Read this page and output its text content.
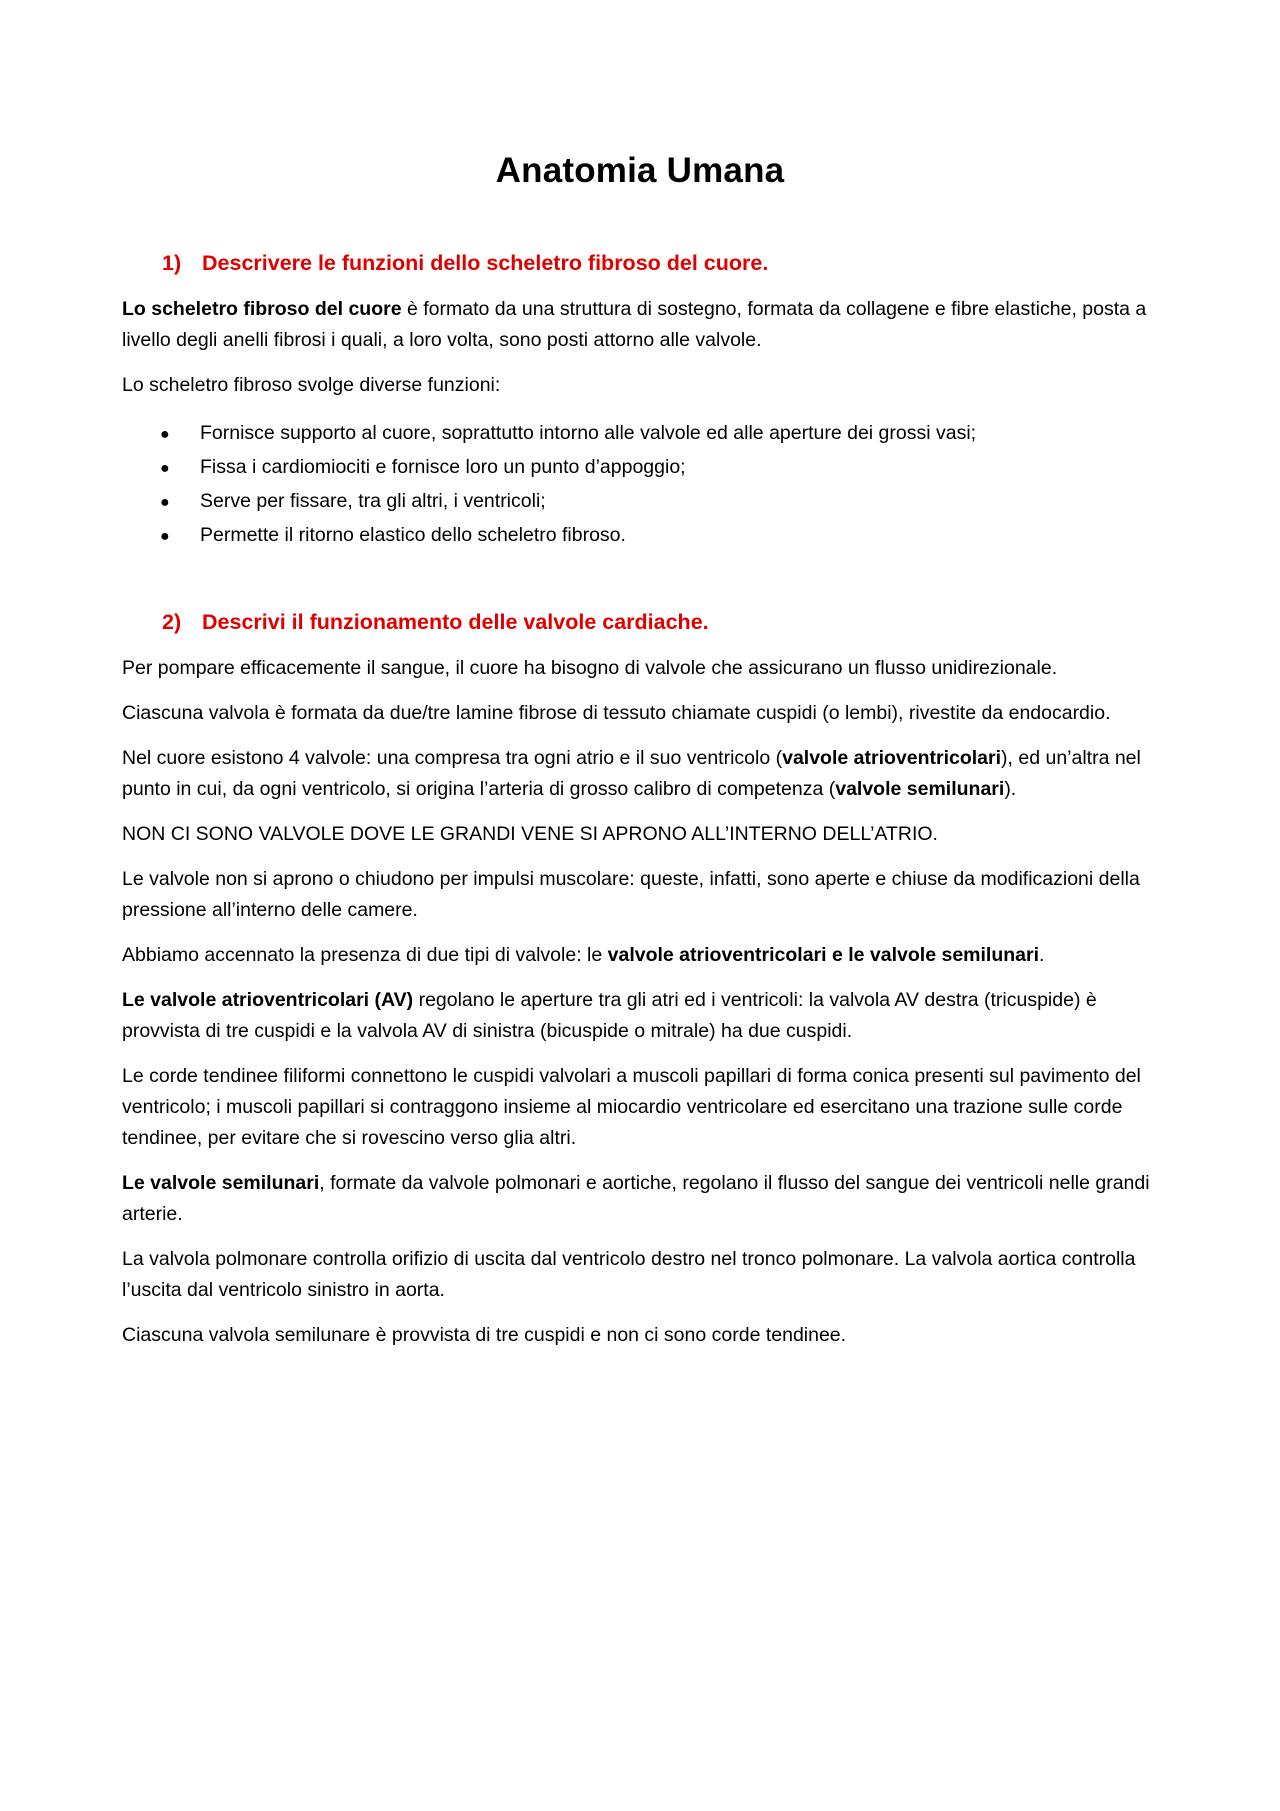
Anatomia Umana
1) Descrivere le funzioni dello scheletro fibroso del cuore.

Lo scheletro fibroso del cuore è formato da una struttura di sostegno, formata da collagene e fibre elastiche, posta a livello degli anelli fibrosi i quali, a loro volta, sono posti attorno alle valvole.

Lo scheletro fibroso svolge diverse funzioni:

●	Fornisce supporto al cuore, soprattutto intorno alle valvole ed alle aperture dei grossi vasi;
●	Fissa i cardiomiociti e fornisce loro un punto d’appoggio;
●	Serve per fissare, tra gli altri, i ventricoli;
●	Permette il ritorno elastico dello scheletro fibroso.
2) Descrivi il funzionamento delle valvole cardiache.

Per pompare efficacemente il sangue, il cuore ha bisogno di valvole che assicurano un flusso unidirezionale.

Ciascuna valvola è formata da due/tre lamine fibrose di tessuto chiamate cuspidi (o lembi), rivestite da endocardio.

Nel cuore esistono 4 valvole: una compresa tra ogni atrio e il suo ventricolo (valvole atrioventricolari), ed un’altra nel punto in cui, da ogni ventricolo, si origina l’arteria di grosso calibro di competenza (valvole semilunari).

NON CI SONO VALVOLE DOVE LE GRANDI VENE SI APRONO ALL’INTERNO DELL’ATRIO.

Le valvole non si aprono o chiudono per impulsi muscolare: queste, infatti, sono aperte e chiuse da modificazioni della pressione all’interno delle camere.

Abbiamo accennato la presenza di due tipi di valvole: le valvole atrioventricolari e le valvole semilunari.

Le valvole atrioventricolari (AV) regolano le aperture tra gli atri ed i ventricoli: la valvola AV destra (tricuspide) è provvista di tre cuspidi e la valvola AV di sinistra (bicuspide o mitrale) ha due cuspidi.

Le corde tendinee filiformi connettono le cuspidi valvolari a muscoli papillari di forma conica presenti sul pavimento del ventricolo; i muscoli papillari si contraggono insieme al miocardio ventricolare ed esercitano una trazione sulle corde tendinee, per evitare che si rovescino verso glia altri.

Le valvole semilunari, formate da valvole polmonari e aortiche, regolano il flusso del sangue dei ventricoli nelle grandi arterie.

La valvola polmonare controlla orifizio di uscita dal ventricolo destro nel tronco polmonare. La valvola aortica controlla l’uscita dal ventricolo sinistro in aorta.

Ciascuna valvola semilunare è provvista di tre cuspidi e non ci sono corde tendinee.
